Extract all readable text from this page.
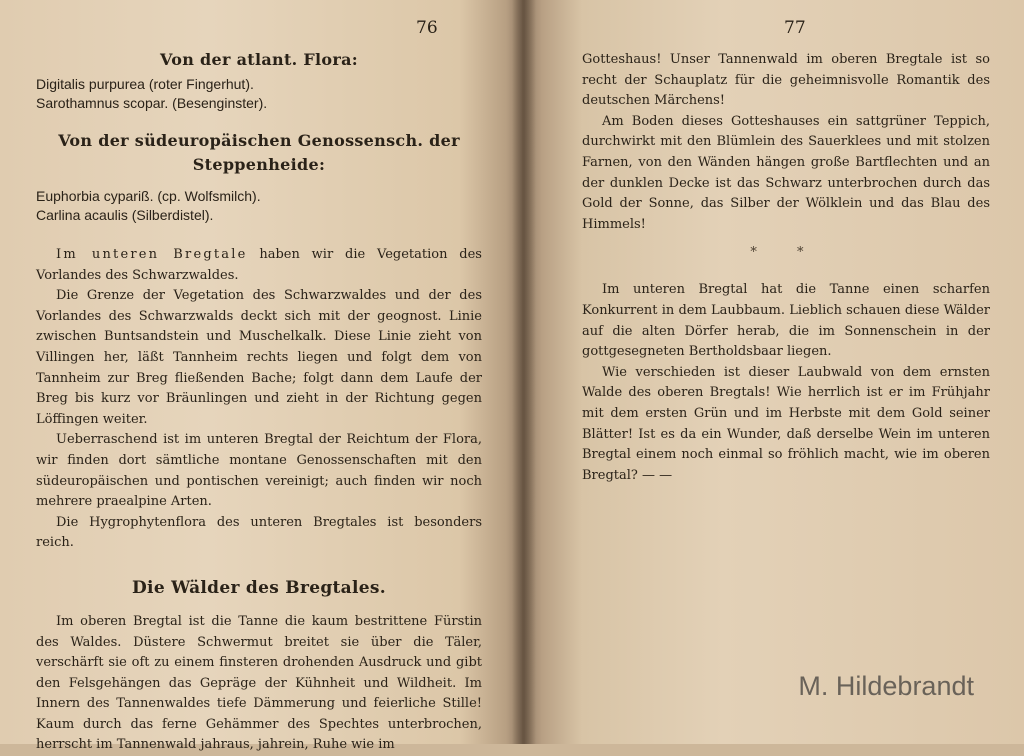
76
Von der atlant. Flora:
Digitalis purpurea (roter Fingerhut).
Sarothamnus scopar. (Besenginster).
Von der südeuropäischen Genossensch. der Steppenheide:
Euphorbia cypariß. (cp. Wolfsmilch).
Carlina acaulis (Silberdistel).

Im unteren Bregtale haben wir die Vegetation des Vorlandes des Schwarzwaldes.

Die Grenze der Vegetation des Schwarzwaldes und der des Vorlandes des Schwarzwalds deckt sich mit der geognost. Linie zwischen Buntsandstein und Muschelkalk. Diese Linie zieht von Villingen her, läßt Tannheim rechts liegen und folgt dem von Tannheim zur Breg fließenden Bache; folgt dann dem Laufe der Breg bis kurz vor Bräunlingen und zieht in der Richtung gegen Löffingen weiter.

Ueberraschend ist im unteren Bregtal der Reichtum der Flora, wir finden dort sämtliche montane Genossenschaften mit den südeuropäischen und pontischen vereinigt; auch finden wir noch mehrere praealpine Arten.

Die Hygrophytenflora des unteren Bregtales ist besonders reich.

Die Wälder des Bregtales.

Im oberen Bregtal ist die Tanne die kaum bestrittene Fürstin des Waldes. Düstere Schwermut breitet sie über die Täler, verschärft sie oft zu einem finsteren drohenden Ausdruck und gibt den Felsgehängen das Gepräge der Kühnheit und Wildheit. Im Innern des Tannenwaldes tiefe Dämmerung und feierliche Stille! Kaum durch das ferne Gehämmer des Spechtes unterbrochen, herrscht im Tannenwald jahraus, jahrein, Ruhe wie im

77

Gotteshaus! Unser Tannenwald im oberen Bregtale ist so recht der Schauplatz für die geheimnisvolle Romantik des deutschen Märchens!

Am Boden dieses Gotteshauses ein sattgrüner Teppich, durchwirkt mit den Blümlein des Sauerklees und mit stolzen Farnen, von den Wänden hängen große Bartflechten und an der dunklen Decke ist das Schwarz unterbrochen durch das Gold der Sonne, das Silber der Wölklein und das Blau des Himmels!

* *

Im unteren Bregtal hat die Tanne einen scharfen Konkurrent in dem Laubbaum. Lieblich schauen diese Wälder auf die alten Dörfer herab, die im Sonnenschein in der gottgesegneten Bertholdsbaar liegen.

Wie verschieden ist dieser Laubwald von dem ernsten Walde des oberen Bregtals! Wie herrlich ist er im Frühjahr mit dem ersten Grün und im Herbste mit dem Gold seiner Blätter! Ist es da ein Wunder, daß derselbe Wein im unteren Bregtal einem noch einmal so fröhlich macht, wie im oberen Bregtal? — —

M. Hildebrandt
